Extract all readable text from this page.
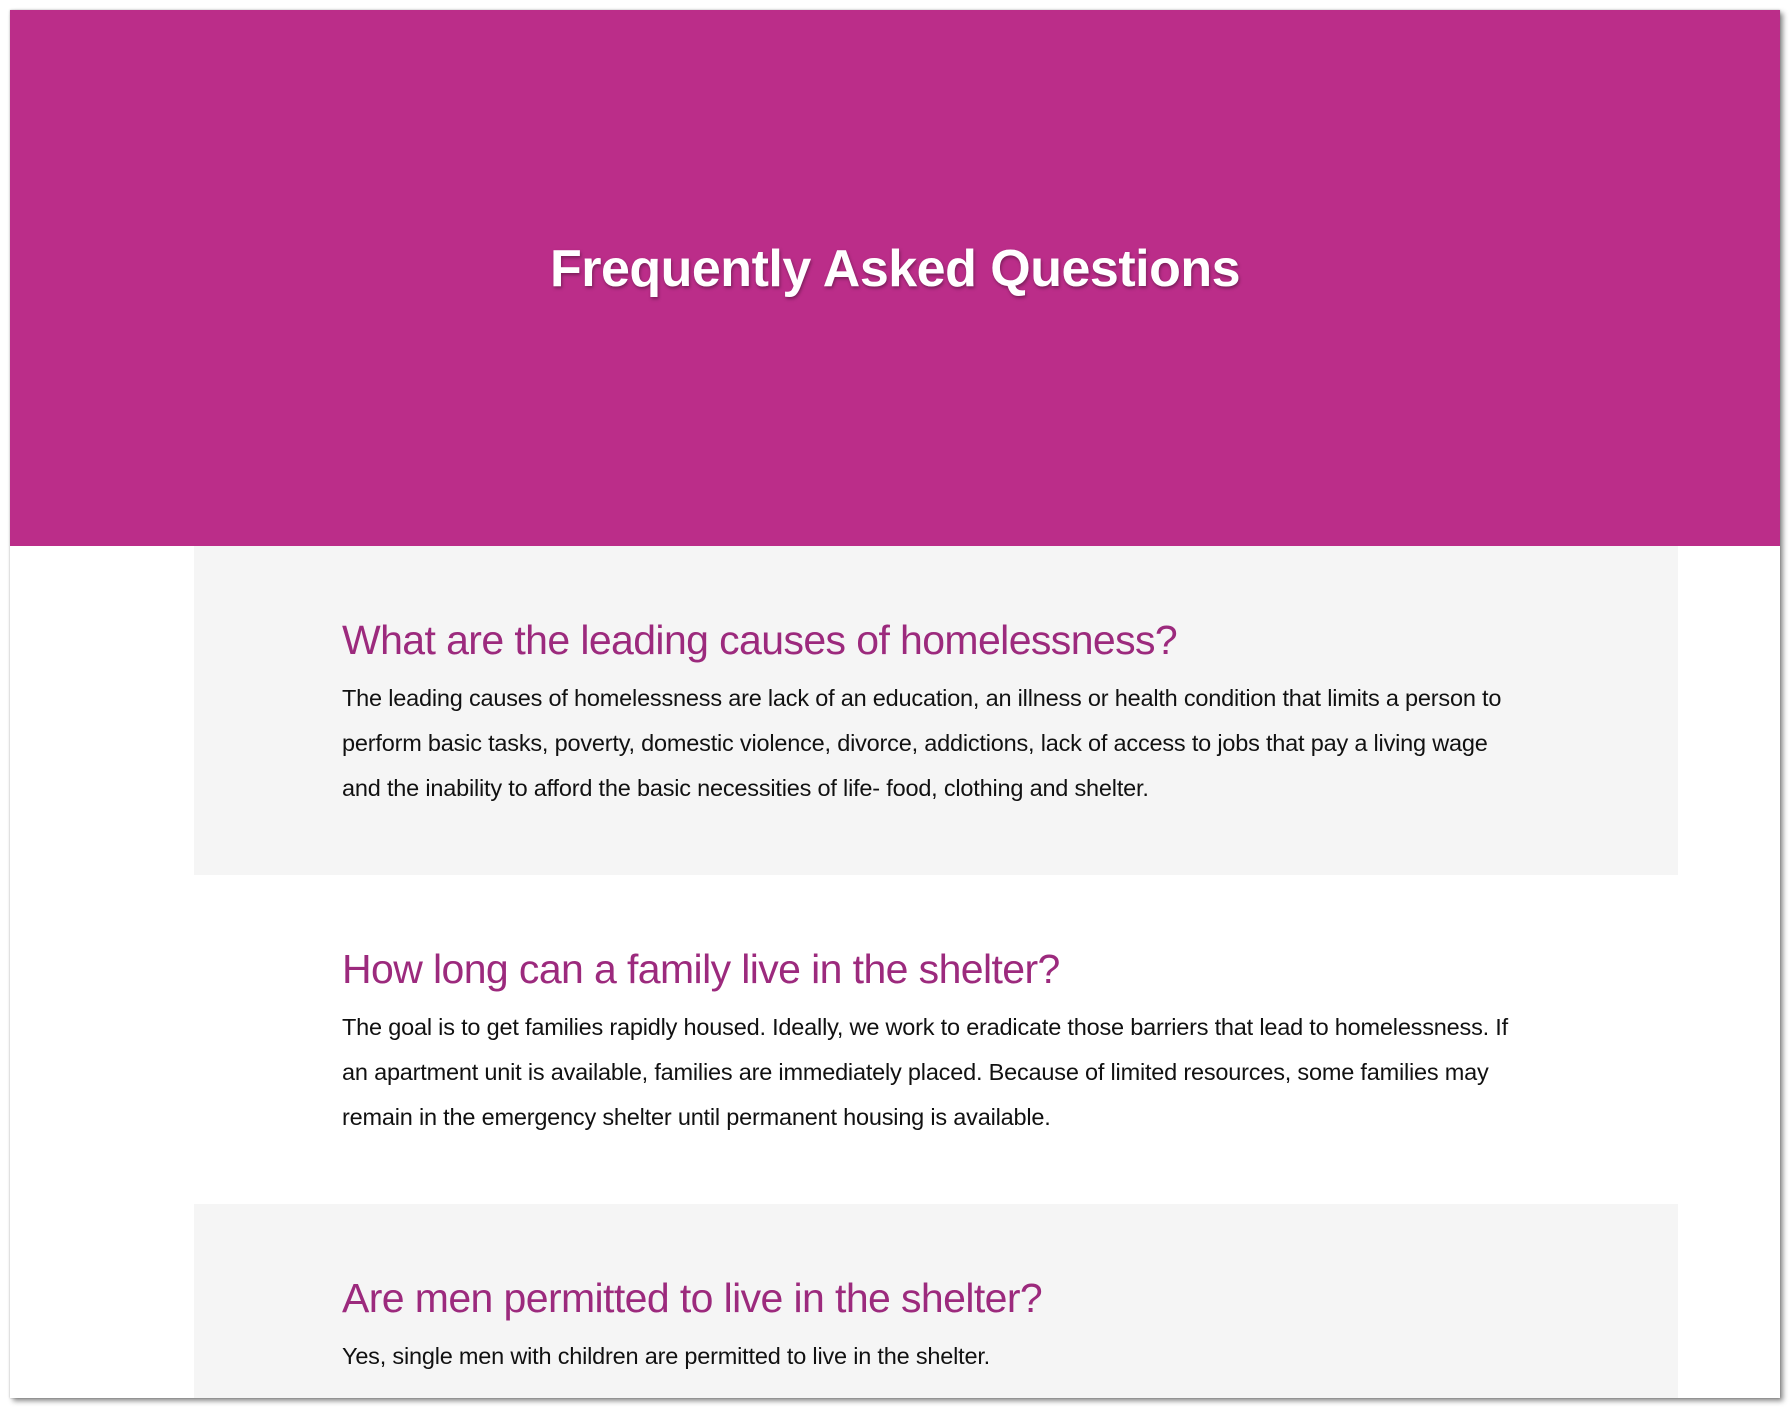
Frequently Asked Questions
What are the leading causes of homelessness?

The leading causes of homelessness are lack of an education, an illness or health condition that limits a person to perform basic tasks, poverty, domestic violence, divorce, addictions, lack of access to jobs that pay a living wage and the inability to afford the basic necessities of life- food, clothing and shelter.

How long can a family live in the shelter?

The goal is to get families rapidly housed. Ideally, we work to eradicate those barriers that lead to homelessness. If an apartment unit is available, families are immediately placed. Because of limited resources, some families may remain in the emergency shelter until permanent housing is available.

Are men permitted to live in the shelter?

Yes, single men with children are permitted to live in the shelter.
